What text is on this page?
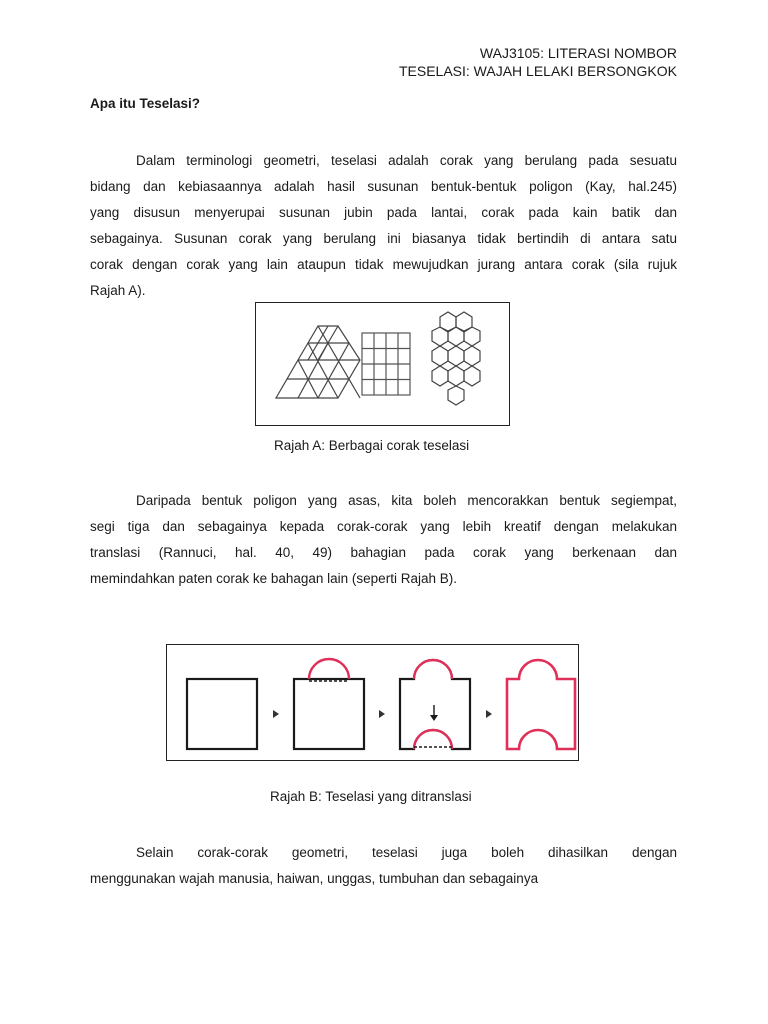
WAJ3105: LITERASI NOMBOR
TESELASI: WAJAH LELAKI BERSONGKOK
Apa itu Teselasi?
Dalam terminologi geometri, teselasi adalah corak yang berulang pada sesuatu
bidang dan kebiasaannya adalah hasil susunan bentuk-bentuk poligon (Kay, hal.245)
yang disusun menyerupai susunan jubin pada lantai, corak pada kain batik dan
sebagainya. Susunan corak yang berulang ini biasanya tidak bertindih di antara satu
corak dengan corak yang lain ataupun tidak mewujudkan jurang antara corak (sila rujuk
Rajah A).
Rajah A: Berbagai corak teselasi
Daripada bentuk poligon yang asas, kita boleh mencorakkan bentuk segiempat,
segi tiga dan sebagainya kepada corak-corak yang lebih kreatif dengan melakukan
translasi (Rannuci, hal. 40, 49) bahagian pada corak yang berkenaan dan
memindahkan paten corak ke bahagan lain (seperti Rajah B).
Rajah B: Teselasi yang ditranslasi
Selain corak-corak geometri, teselasi juga boleh dihasilkan dengan
menggunakan wajah manusia, haiwan, unggas, tumbuhan dan sebagainya
